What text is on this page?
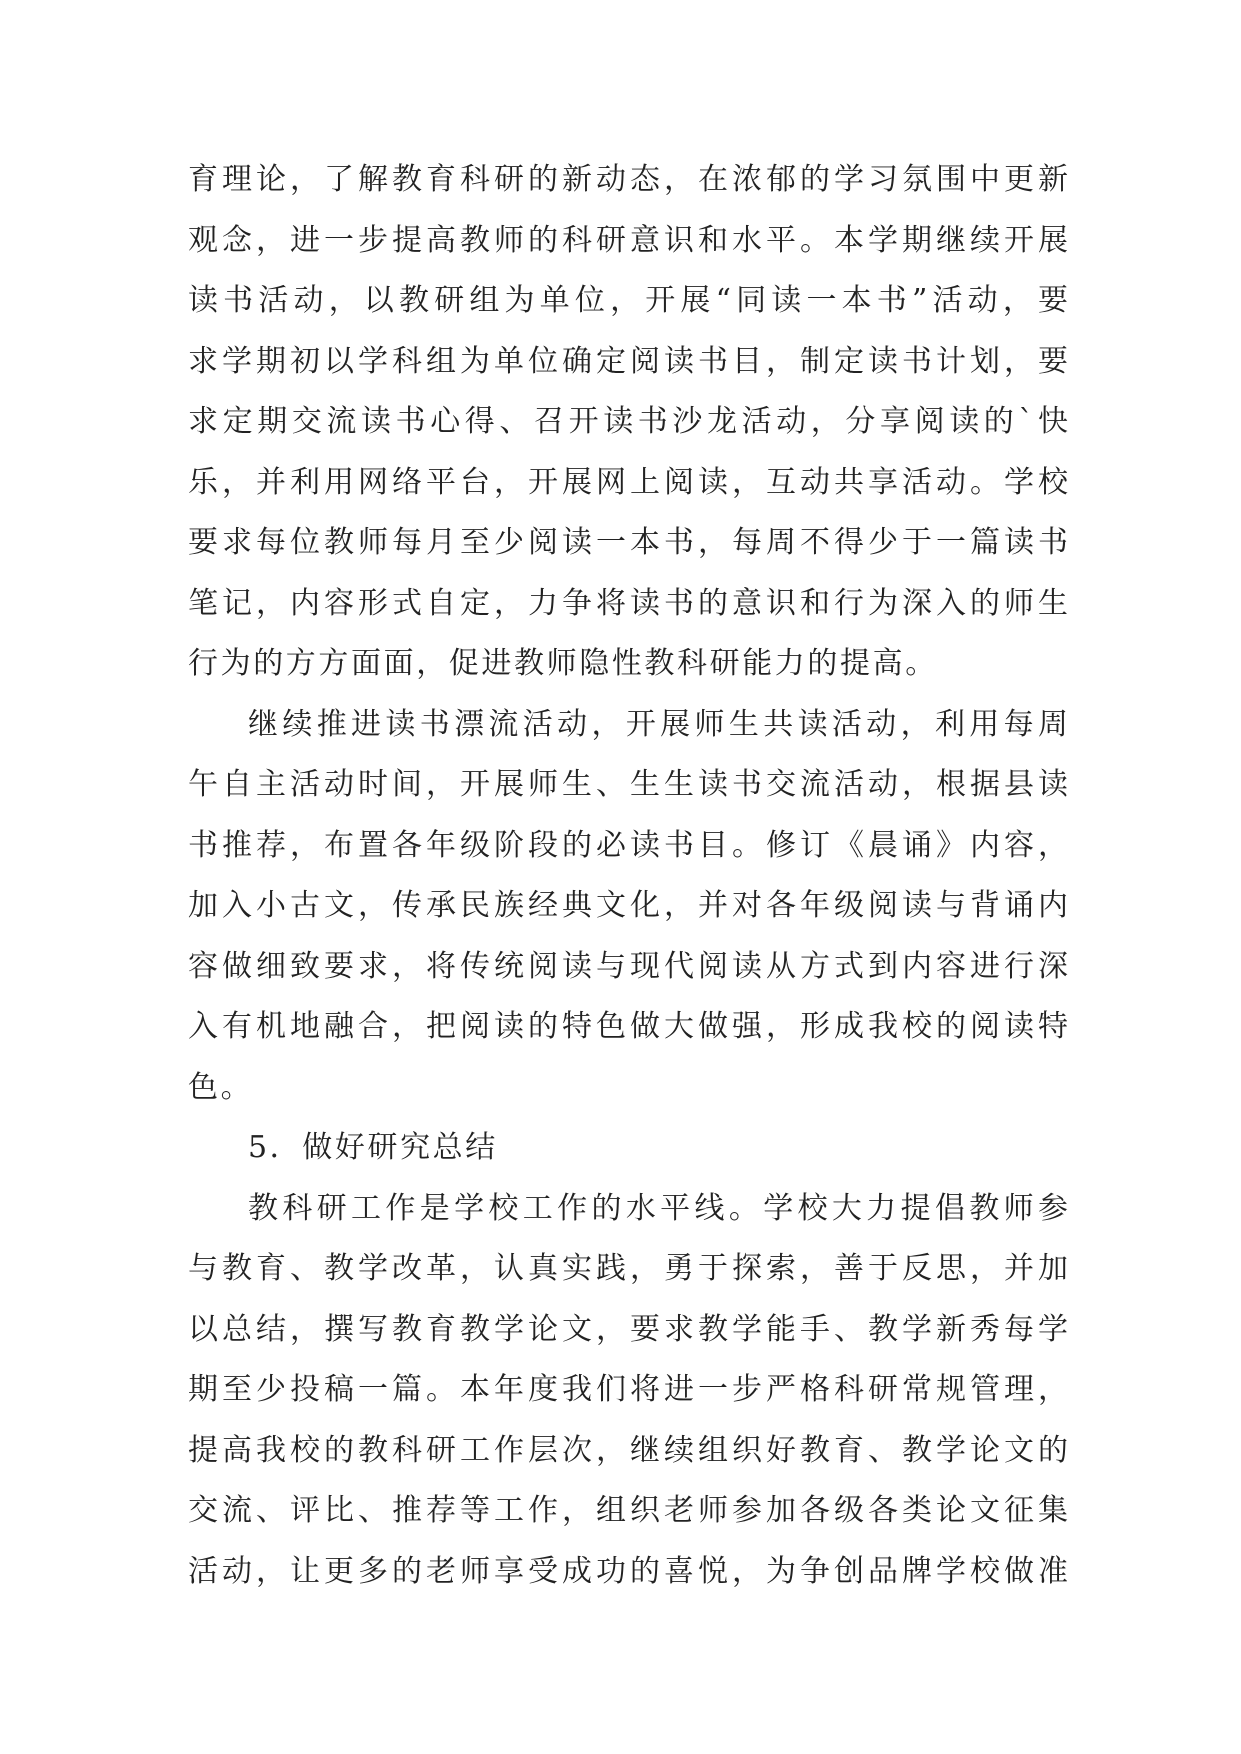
育理论，了解教育科研的新动态，在浓郁的学习氛围中更新
观念，进一步提高教师的科研意识和水平。本学期继续开展
读书活动，以教研组为单位，开展“同读一本书”活动，要
求学期初以学科组为单位确定阅读书目，制定读书计划，要
求定期交流读书心得、召开读书沙龙活动，分享阅读的`快
乐，并利用网络平台，开展网上阅读，互动共享活动。学校
要求每位教师每月至少阅读一本书，每周不得少于一篇读书
笔记，内容形式自定，力争将读书的意识和行为深入的师生
行为的方方面面，促进教师隐性教科研能力的提高。
继续推进读书漂流活动，开展师生共读活动，利用每周
午自主活动时间，开展师生、生生读书交流活动，根据县读
书推荐，布置各年级阶段的必读书目。修订《晨诵》内容，
加入小古文，传承民族经典文化，并对各年级阅读与背诵内
容做细致要求，将传统阅读与现代阅读从方式到内容进行深
入有机地融合，把阅读的特色做大做强，形成我校的阅读特
色。
5．做好研究总结
教科研工作是学校工作的水平线。学校大力提倡教师参
与教育、教学改革，认真实践，勇于探索，善于反思，并加
以总结，撰写教育教学论文，要求教学能手、教学新秀每学
期至少投稿一篇。本年度我们将进一步严格科研常规管理，
提高我校的教科研工作层次，继续组织好教育、教学论文的
交流、评比、推荐等工作，组织老师参加各级各类论文征集
活动，让更多的老师享受成功的喜悦，为争创品牌学校做准
